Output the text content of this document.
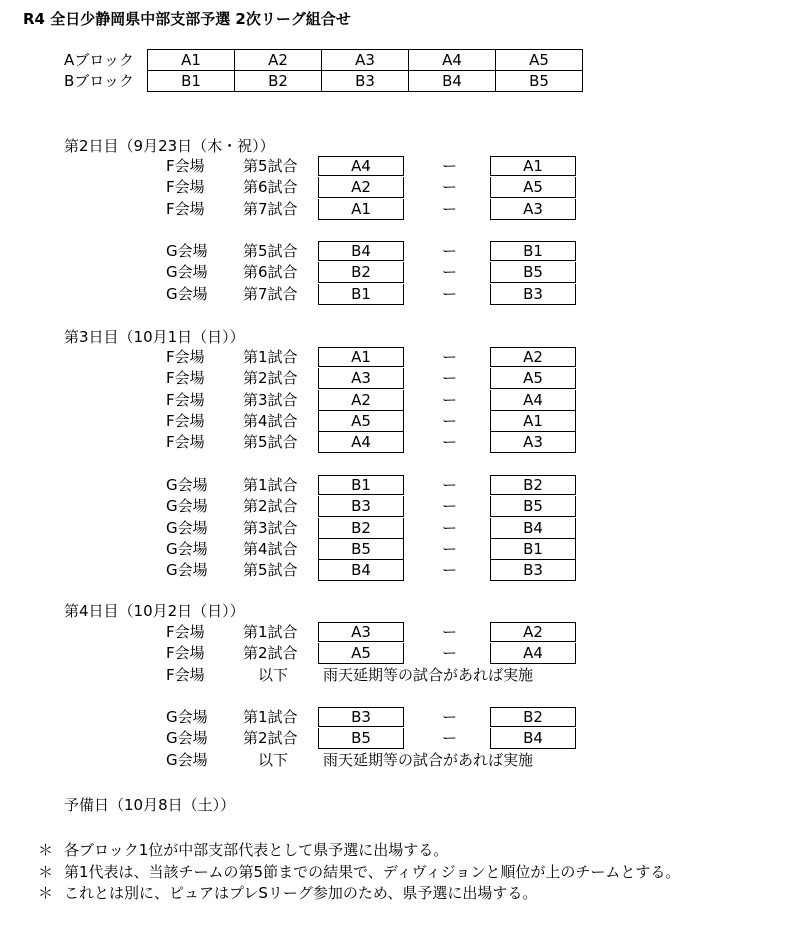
R4 全日少静岡県中部支部予選 2次リーグ組合せ
Aブロック	A1	A2	A3	A4	A5
Bブロック	B1	B2	B3	B4	B5
第2日目（9月23日（木・祝））
F会場	第5試合	A4	ー	A1
F会場	第6試合	A2	ー	A5
F会場	第7試合	A1	ー	A3
G会場 第5試合	B4	ー	B1
G会場 第6試合	B2	ー	B5
G会場 第7試合	B1	ー	B3
第3日目（10月1日（日））
F会場	第1試合	A1	ー	A2
F会場	第2試合	A3	ー	A5
F会場	第3試合	A2	ー	A4
F会場	第4試合	A5	ー	A1
F会場	第5試合	A4	ー	A3
G会場 第1試合	B1	ー	B2
G会場 第2試合	B3	ー	B5
G会場 第3試合	B2	ー	B4
G会場 第4試合	B5	ー	B1
G会場 第5試合	B4	ー	B3
第4日目（10月2日（日））
F会場	第1試合	A3	ー	A2
F会場	第2試合	A5	ー	A4
F会場	以下 雨天延期等の試合があれば実施
G会場 第1試合	B3	ー	B2
G会場 第2試合	B5	ー	B4
G会場	以下 雨天延期等の試合があれば実施
予備日（10月8日（土））
＊ 各ブロック1位が中部支部代表として県予選に出場する。
＊ 第1代表は、当該チームの第5節までの結果で、ディヴィジョンと順位が上のチームとする。
＊ これとは別に、ピュアはプレSリーグ参加のため、県予選に出場する。
